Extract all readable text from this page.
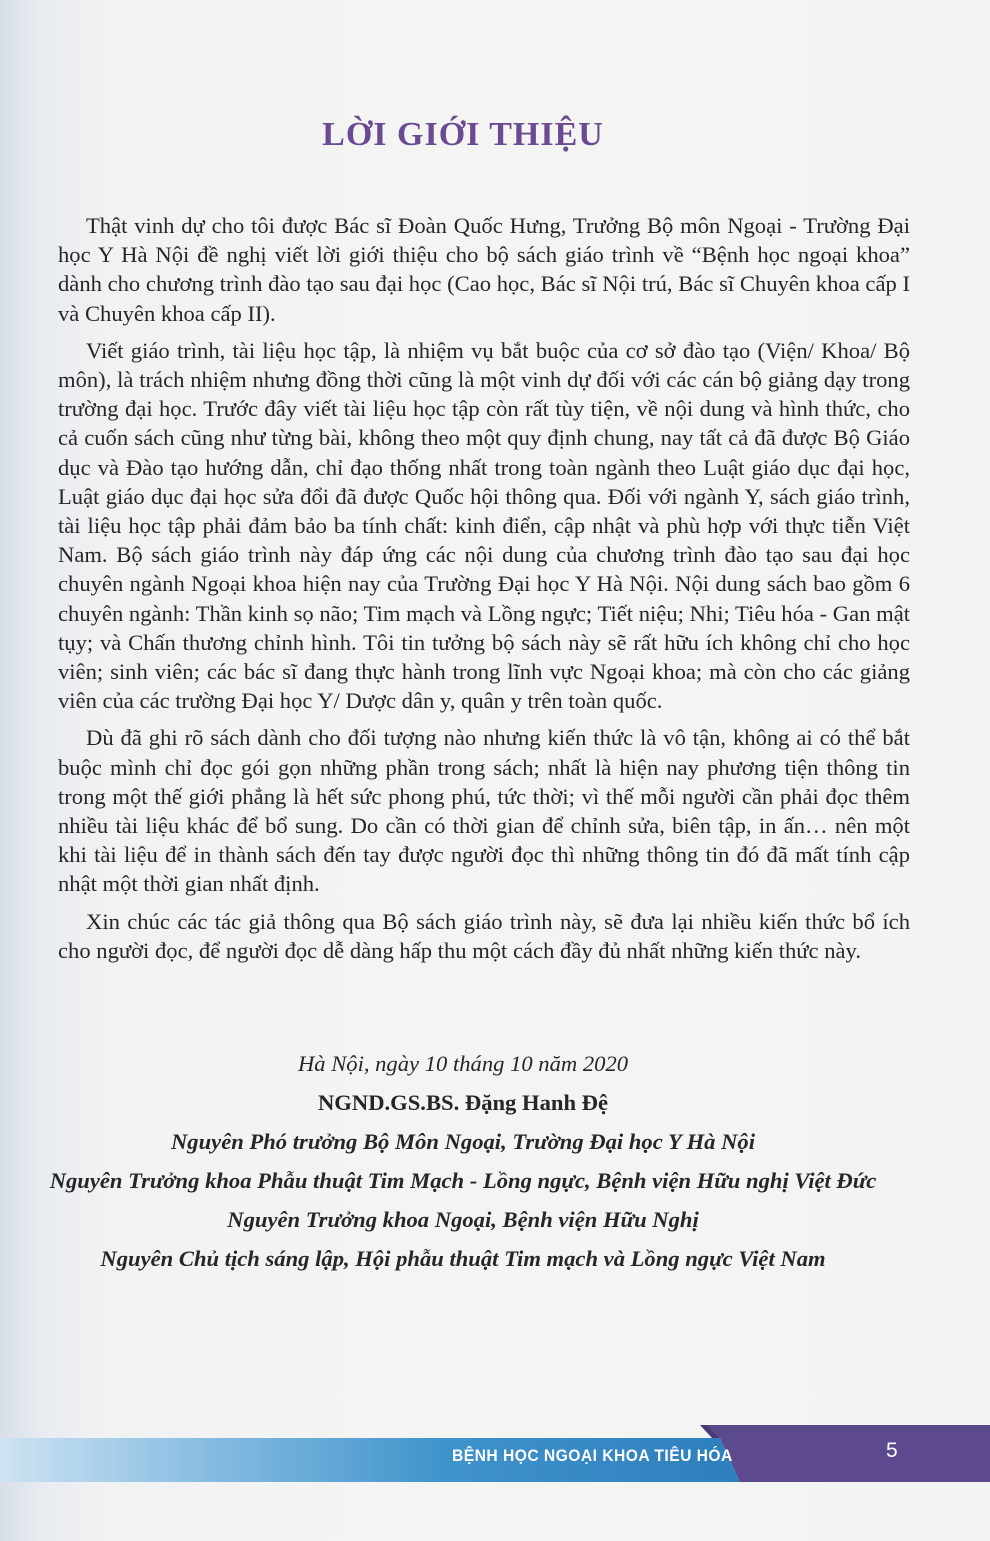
LỜI GIỚI THIỆU

Thật vinh dự cho tôi được Bác sĩ Đoàn Quốc Hưng, Trưởng Bộ môn Ngoại - Trường Đại học Y Hà Nội đề nghị viết lời giới thiệu cho bộ sách giáo trình về “Bệnh học ngoại khoa” dành cho chương trình đào tạo sau đại học (Cao học, Bác sĩ Nội trú, Bác sĩ Chuyên khoa cấp I và Chuyên khoa cấp II).

Viết giáo trình, tài liệu học tập, là nhiệm vụ bắt buộc của cơ sở đào tạo (Viện/ Khoa/ Bộ môn), là trách nhiệm nhưng đồng thời cũng là một vinh dự đối với các cán bộ giảng dạy trong trường đại học. Trước đây viết tài liệu học tập còn rất tùy tiện, về nội dung và hình thức, cho cả cuốn sách cũng như từng bài, không theo một quy định chung, nay tất cả đã được Bộ Giáo dục và Đào tạo hướng dẫn, chỉ đạo thống nhất trong toàn ngành theo Luật giáo dục đại học, Luật giáo dục đại học sửa đổi đã được Quốc hội thông qua. Đối với ngành Y, sách giáo trình, tài liệu học tập phải đảm bảo ba tính chất: kinh điển, cập nhật và phù hợp với thực tiễn Việt Nam. Bộ sách giáo trình này đáp ứng các nội dung của chương trình đào tạo sau đại học chuyên ngành Ngoại khoa hiện nay của Trường Đại học Y Hà Nội. Nội dung sách bao gồm 6 chuyên ngành: Thần kinh sọ não; Tim mạch và Lồng ngực; Tiết niệu; Nhi; Tiêu hóa - Gan mật tụy; và Chấn thương chỉnh hình. Tôi tin tưởng bộ sách này sẽ rất hữu ích không chỉ cho học viên; sinh viên; các bác sĩ đang thực hành trong lĩnh vực Ngoại khoa; mà còn cho các giảng viên của các trường Đại học Y/ Dược dân y, quân y trên toàn quốc.

Dù đã ghi rõ sách dành cho đối tượng nào nhưng kiến thức là vô tận, không ai có thể bắt buộc mình chỉ đọc gói gọn những phần trong sách; nhất là hiện nay phương tiện thông tin trong một thế giới phẳng là hết sức phong phú, tức thời; vì thế mỗi người cần phải đọc thêm nhiều tài liệu khác để bổ sung. Do cần có thời gian để chỉnh sửa, biên tập, in ấn… nên một khi tài liệu để in thành sách đến tay được người đọc thì những thông tin đó đã mất tính cập nhật một thời gian nhất định.

Xin chúc các tác giả thông qua Bộ sách giáo trình này, sẽ đưa lại nhiều kiến thức bổ ích cho người đọc, để người đọc dễ dàng hấp thu một cách đầy đủ nhất những kiến thức này.

Hà Nội, ngày 10 tháng 10 năm 2020
NGND.GS.BS. Đặng Hanh Đệ
Nguyên Phó trưởng Bộ Môn Ngoại, Trường Đại học Y Hà Nội
Nguyên Trưởng khoa Phẫu thuật Tim Mạch - Lồng ngực, Bệnh viện Hữu nghị Việt Đức
Nguyên Trưởng khoa Ngoại, Bệnh viện Hữu Nghị
Nguyên Chủ tịch sáng lập, Hội phẫu thuật Tim mạch và Lồng ngực Việt Nam
BỆNH HỌC NGOẠI KHOA TIÊU HÓA	5
